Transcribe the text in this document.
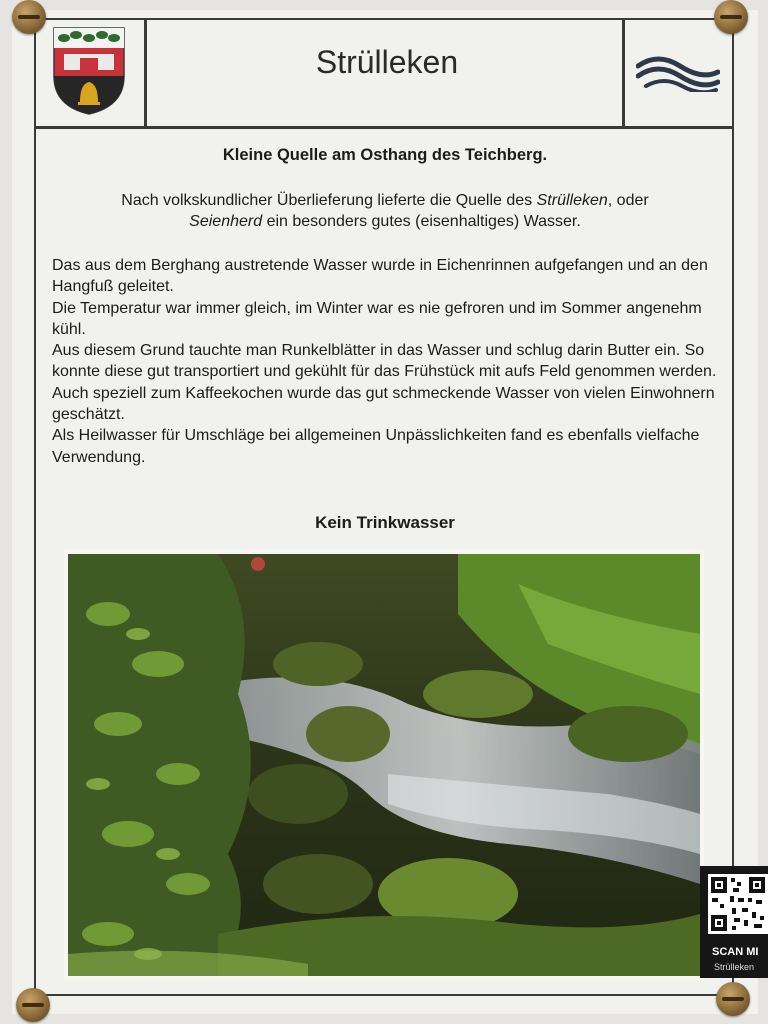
Strülleken
Kleine Quelle am Osthang des Teichberg.
Nach volkskundlicher Überlieferung lieferte die Quelle des Strülleken, oder
Seienherd ein besonders gutes (eisenhaltiges) Wasser.

Das aus dem Berghang austretende Wasser wurde in Eichenrinnen aufgefangen und an den Hangfuß geleitet.

Die Temperatur war immer gleich, im Winter war es nie gefroren und im Sommer angenehm kühl.

Aus diesem Grund tauchte man Runkelblätter in das Wasser und schlug darin Butter ein. So konnte diese gut transportiert und gekühlt für das Frühstück mit aufs Feld genommen werden.

Auch speziell zum Kaffeekochen wurde das gut schmeckende Wasser von vielen Einwohnern geschätzt.

Als Heilwasser für Umschläge bei allgemeinen Unpässlichkeiten fand es ebenfalls vielfache Verwendung.

Kein Trinkwasser
SCAN MI
Strülleken
